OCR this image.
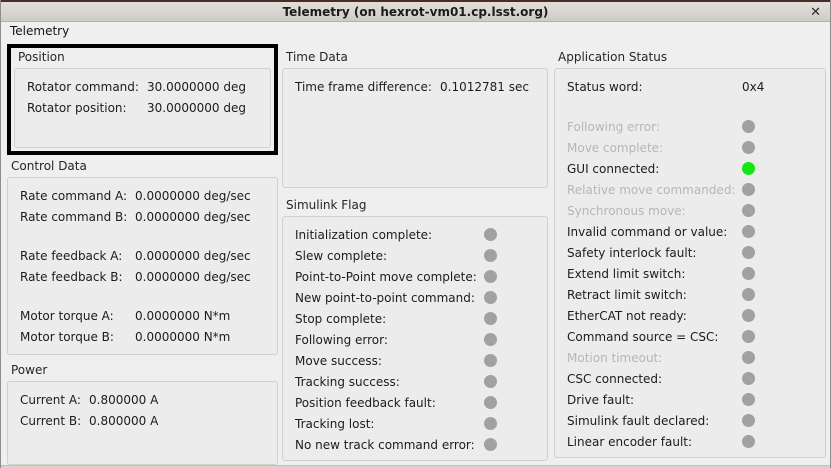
Telemetry (on hexrot-vm01.cp.lsst.org)	✕
Telemetry
Position
Rotator command: 30.0000000 deg
Rotator position:	30.0000000 deg
Control Data
Rate command A: 0.0000000 deg/sec
Rate command B: 0.0000000 deg/sec
Rate feedback A:	0.0000000 deg/sec
Rate feedback B:	0.0000000 deg/sec
Motor torque A:	0.0000000 N*m
Motor torque B:	0.0000000 N*m
Power
Current A: 0.800000 A
Current B: 0.800000 A
Time Data
Time frame difference: 0.1012781 sec
Simulink Flag
Initialization complete:
Slew complete:
Point-to-Point move complete:
New point-to-point command:
Stop complete:
Following error:
Move success:
Tracking success:
Position feedback fault:
Tracking lost:
No new track command error:
Application Status
Status word:	0x4
Following error:
Move complete:
GUI connected:
Relative move commanded:
Synchronous move:
Invalid command or value:
Safety interlock fault:
Extend limit switch:
Retract limit switch:
EtherCAT not ready:
Command source = CSC:
Motion timeout:
CSC connected:
Drive fault:
Simulink fault declared:
Linear encoder fault:
